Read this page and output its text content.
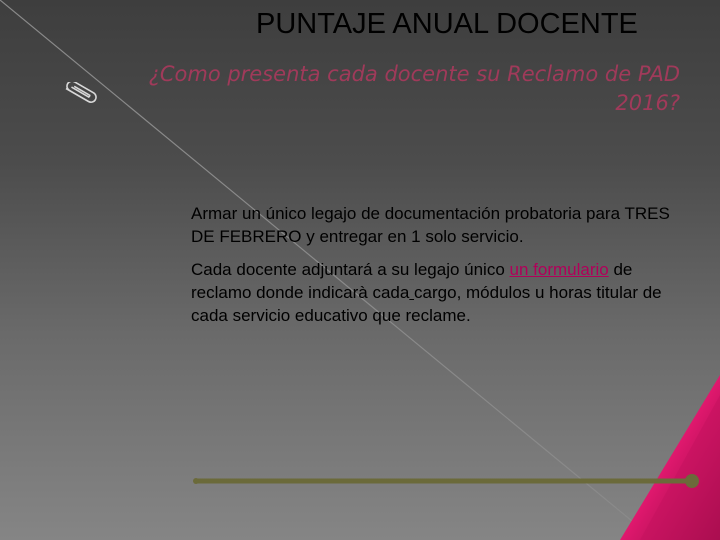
PUNTAJE ANUAL DOCENTE
¿Como presenta cada docente su Reclamo de PAD 2016?

Armar un único legajo de documentación probatoria para TRES DE FEBRERO y entregar en 1 solo servicio.

Cada docente adjuntará a su legajo único un formulario de reclamo donde indicarà cada cargo, módulos u horas titular de cada servicio educativo que reclame.
